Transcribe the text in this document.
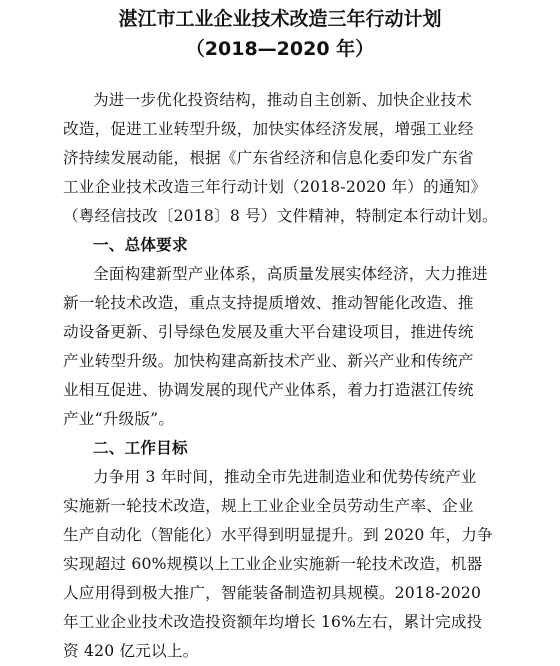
湛江市工业企业技术改造三年行动计划
（2018—2020 年）
为进一步优化投资结构，推动自主创新、加快企业技术
改造，促进工业转型升级，加快实体经济发展，增强工业经
济持续发展动能，根据《广东省经济和信息化委印发广东省
工业企业技术改造三年行动计划（2018-2020 年）的通知》
（粤经信技改〔2018〕8 号）文件精神，特制定本行动计划。
一、总体要求
全面构建新型产业体系，高质量发展实体经济，大力推进
新一轮技术改造，重点支持提质增效、推动智能化改造、推
动设备更新、引导绿色发展及重大平台建设项目，推进传统
产业转型升级。加快构建高新技术产业、新兴产业和传统产
业相互促进、协调发展的现代产业体系，着力打造湛江传统
产业“升级版”。
二、工作目标
力争用 3 年时间，推动全市先进制造业和优势传统产业
实施新一轮技术改造，规上工业企业全员劳动生产率、企业
生产自动化（智能化）水平得到明显提升。到 2020 年，力争
实现超过 60%规模以上工业企业实施新一轮技术改造，机器
人应用得到极大推广，智能装备制造初具规模。2018-2020
年工业企业技术改造投资额年均增长 16%左右，累计完成投
资 420 亿元以上。
